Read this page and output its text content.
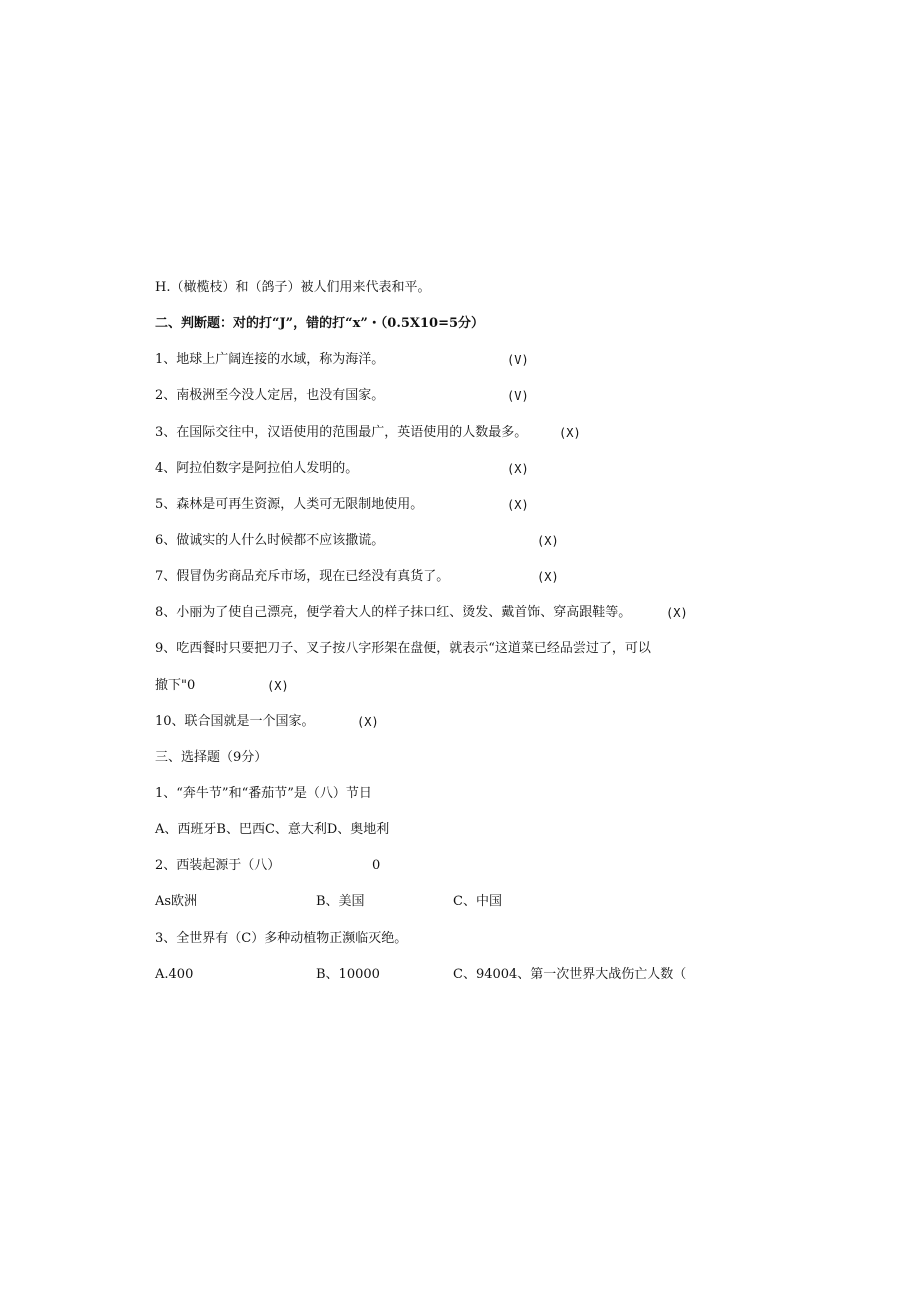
H.（橄榄枝）和（鸽子）被人们用来代表和平。
二、判断题：对的打“J”，错的打“x”・（0.5X10=5分）
1、地球上广阔连接的水域，称为海洋。	(V)
2、南极洲至今没人定居，也没有国家。	(V)
3、在国际交往中，汉语使用的范围最广，英语使用的人数最多。	(X)
4、阿拉伯数字是阿拉伯人发明的。	(X)
5、森林是可再生资源，人类可无限制地使用。	(X)
6、做诚实的人什么时候都不应该撒谎。	(X)
7、假冒伪劣商品充斥市场，现在已经没有真货了。	(X)
8、小丽为了使自己漂亮，便学着大人的样子抹口红、烫发、戴首饰、穿高跟鞋等。	(X)
9、吃西餐时只要把刀子、叉子按八字形架在盘便，就表示“这道菜已经品尝过了，可以
撤下"0	(X)
10、联合国就是一个国家。	(X)
三、选择题（9分）
1、“奔牛节”和“番茄节”是（八）节日
A、西班牙B、巴西C、意大利D、奥地利
2、西装起源于（八）	0
As欧洲	B、美国	C、中国
3、全世界有（C）多种动植物正濒临灭绝。
A.400	B、10000	C、94004、第一次世界大战伤亡人数（
